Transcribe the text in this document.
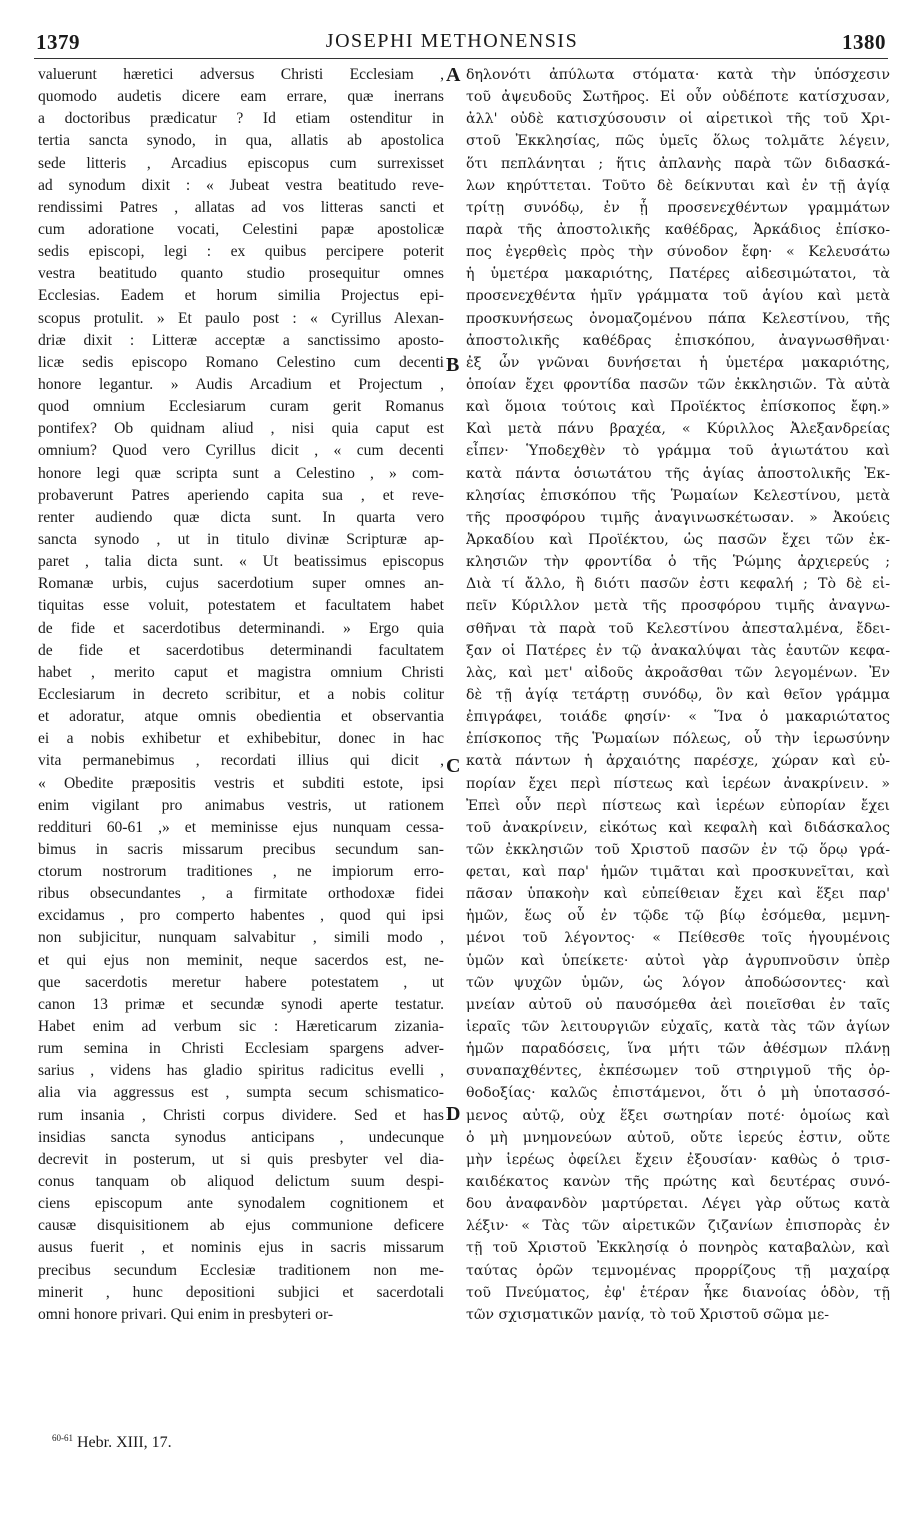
1379	JOSEPHI METHONENSIS	1380
valuerunt hæretici adversus Christi Ecclesiam ,
quomodo audetis dicere eam errare, quæ inerrans
a doctoribus prædicatur ? Id etiam ostenditur in
tertia sancta synodo, in qua, allatis ab apostolica
sede litteris , Arcadius episcopus cum surrexisset
ad synodum dixit : « Jubeat vestra beatitudo reve-
rendissimi Patres , allatas ad vos litteras sancti et
cum adoratione vocati, Celestini papæ apostolicæ
sedis episcopi, legi : ex quibus percipere poterit
vestra beatitudo quanto studio prosequitur omnes
Ecclesias. Eadem et horum similia Projectus epi-
scopus protulit. » Et paulo post : « Cyrillus Alexan-
driæ dixit : Litteræ acceptæ a sanctissimo aposto-
licæ sedis episcopo Romano Celestino cum decenti
honore legantur. » Audis Arcadium et Projectum ,
quod omnium Ecclesiarum curam gerit Romanus
pontifex? Ob quidnam aliud , nisi quia caput est
omnium? Quod vero Cyrillus dicit , « cum decenti
honore legi quæ scripta sunt a Celestino , » com-
probaverunt Patres aperiendo capita sua , et reve-
renter audiendo quæ dicta sunt. In quarta vero
sancta synodo , ut in titulo divinæ Scripturæ ap-
paret , talia dicta sunt. « Ut beatissimus episcopus
Romanæ urbis, cujus sacerdotium super omnes an-
tiquitas esse voluit, potestatem et facultatem habet
de fide et sacerdotibus determinandi. » Ergo quia
de fide et sacerdotibus determinandi facultatem
habet , merito caput et magistra omnium Christi
Ecclesiarum in decreto scribitur, et a nobis colitur
et adoratur, atque omnis obedientia et observantia
ei a nobis exhibetur et exhibebitur, donec in hac
vita permanebimus , recordati illius qui dicit ,
« Obedite præpositis vestris et subditi estote, ipsi
enim vigilant pro animabus vestris, ut rationem
reddituri 60-61 ,» et meminisse ejus nunquam cessa-
bimus in sacris missarum precibus secundum san-
ctorum nostrorum traditiones , ne impiorum erro-
ribus obsecundantes , a firmitate orthodoxæ fidei
excidamus , pro comperto habentes , quod qui ipsi
non subjicitur, nunquam salvabitur , simili modo ,
et qui ejus non meminit, neque sacerdos est, ne-
que sacerdotis meretur habere potestatem , ut
canon 13 primæ et secundæ synodi aperte testatur.
Habet enim ad verbum sic : Hæreticarum zizania-
rum semina in Christi Ecclesiam spargens adver-
sarius , videns has gladio spiritus radicitus evelli ,
alia via aggressus est , sumpta secum schismatico-
rum insania , Christi corpus dividere. Sed et has
insidias sancta synodus anticipans , undecunque
decrevit in posterum, ut si quis presbyter vel dia-
conus tanquam ob aliquod delictum suum despi-
ciens episcopum ante synodalem cognitionem et
causæ disquisitionem ab ejus communione deficere
ausus fuerit , et nominis ejus in sacris missarum
precibus secundum Ecclesiæ traditionem non me-
minerit , hunc depositioni subjici et sacerdotali
omni honore privari. Qui enim in presbyteri or-
δηλονότι ἀπύλωτα στόματα· κατὰ τὴν ὑπόσχεσιν
τοῦ ἀψευδοῦς Σωτῆρος. Εἰ οὖν οὐδέποτε κατίσχυσαν,
ἀλλ' οὐδὲ κατισχύσουσιν οἱ αἱρετικοὶ τῆς τοῦ Χρι-
στοῦ Ἐκκλησίας, πῶς ὑμεῖς ὅλως τολμᾶτε λέγειν,
ὅτι πεπλάνηται ; ἥτις ἀπλανὴς παρὰ τῶν διδασκά-
λων κηρύττεται. Τοῦτο δὲ δείκνυται καὶ ἐν τῇ ἁγίᾳ
τρίτῃ συνόδῳ, ἐν ᾗ προσενεχθέντων γραμμάτων
παρὰ τῆς ἀποστολικῆς καθέδρας, Ἀρκάδιος ἐπίσκο-
πος ἐγερθεὶς πρὸς τὴν σύνοδον ἔφη· « Κελευσάτω
ἡ ὑμετέρα μακαριότης, Πατέρες αἰδεσιμώτατοι, τὰ
προσενεχθέντα ἡμῖν γράμματα τοῦ ἁγίου καὶ μετὰ
προσκυνήσεως ὀνομαζομένου πάπα Κελεστίνου, τῆς
ἀποστολικῆς καθέδρας ἐπισκόπου, ἀναγνωσθῆναι·
ἐξ ὧν γνῶναι δυνήσεται ἡ ὑμετέρα μακαριότης,
ὁποίαν ἔχει φροντίδα πασῶν τῶν ἐκκλησιῶν. Τὰ αὐτὰ
καὶ ὅμοια τούτοις καὶ Προϊέκτος ἐπίσκοπος ἔφη.»
Καὶ μετὰ πάνυ βραχέα, « Κύριλλος Ἀλεξανδρείας
εἶπεν· Ὑποδεχθὲν τὸ γράμμα τοῦ ἁγιωτάτου καὶ
κατὰ πάντα ὁσιωτάτου τῆς ἁγίας ἀποστολικῆς Ἐκ-
κλησίας ἐπισκόπου τῆς Ῥωμαίων Κελεστίνου, μετὰ
τῆς προσφόρου τιμῆς ἀναγινωσκέτωσαν. » Ἀκούεις
Ἀρκαδίου καὶ Προϊέκτου, ὡς πασῶν ἔχει τῶν ἐκ-
κλησιῶν τὴν φροντίδα ὁ τῆς Ῥώμης ἀρχιερεύς ;
Διὰ τί ἄλλο, ἢ διότι πασῶν ἐστι κεφαλή ; Τὸ δὲ εἰ-
πεῖν Κύριλλον μετὰ τῆς προσφόρου τιμῆς ἀναγνω-
σθῆναι τὰ παρὰ τοῦ Κελεστίνου ἀπεσταλμένα, ἔδει-
ξαν οἱ Πατέρες ἐν τῷ ἀνακαλύψαι τὰς ἑαυτῶν κεφα-
λὰς, καὶ μετ' αἰδοῦς ἀκροᾶσθαι τῶν λεγομένων. Ἐν
δὲ τῇ ἁγίᾳ τετάρτῃ συνόδῳ, ὃν καὶ θεῖον γράμμα
ἐπιγράφει, τοιάδε φησίν· « Ἵνα ὁ μακαριώτατος
ἐπίσκοπος τῆς Ῥωμαίων πόλεως, οὗ τὴν ἱερωσύνην
κατὰ πάντων ἡ ἀρχαιότης παρέσχε, χώραν καὶ εὐ-
πορίαν ἔχει περὶ πίστεως καὶ ἱερέων ἀνακρίνειν. »
Ἐπεὶ οὖν περὶ πίστεως καὶ ἱερέων εὐπορίαν ἔχει
τοῦ ἀνακρίνειν, εἰκότως καὶ κεφαλὴ καὶ διδάσκαλος
τῶν ἐκκλησιῶν τοῦ Χριστοῦ πασῶν ἐν τῷ ὅρῳ γρά-
φεται, καὶ παρ' ἡμῶν τιμᾶται καὶ προσκυνεῖται, καὶ
πᾶσαν ὑπακοὴν καὶ εὐπείθειαν ἔχει καὶ ἕξει παρ'
ἡμῶν, ἕως οὗ ἐν τῷδε τῷ βίῳ ἐσόμεθα, μεμνη-
μένοι τοῦ λέγοντος· « Πείθεσθε τοῖς ἡγουμένοις
ὑμῶν καὶ ὑπείκετε· αὐτοὶ γὰρ ἀγρυπνοῦσιν ὑπὲρ
τῶν ψυχῶν ὑμῶν, ὡς λόγον ἀποδώσοντες· καὶ
μνείαν αὐτοῦ οὐ παυσόμεθα ἀεὶ ποιεῖσθαι ἐν ταῖς
ἱεραῖς τῶν λειτουργιῶν εὐχαῖς, κατὰ τὰς τῶν ἁγίων
ἡμῶν παραδόσεις, ἵνα μήτι τῶν ἀθέσμων πλάνῃ
συναπαχθέντες, ἐκπέσωμεν τοῦ στηριγμοῦ τῆς ὀρ-
θοδοξίας· καλῶς ἐπιστάμενοι, ὅτι ὁ μὴ ὑποτασσό-
μενος αὐτῷ, οὐχ ἕξει σωτηρίαν ποτέ· ὁμοίως καὶ
ὁ μὴ μνημονεύων αὐτοῦ, οὔτε ἱερεύς ἐστιν, οὔτε
μὴν ἱερέως ὀφείλει ἔχειν ἐξουσίαν· καθὼς ὁ τρισ-
καιδέκατος κανὼν τῆς πρώτης καὶ δευτέρας συνό-
δου ἀναφανδὸν μαρτύρεται. Λέγει γὰρ οὕτως κατὰ
λέξιν· « Τὰς τῶν αἱρετικῶν ζιζανίων ἐπισπορὰς ἐν
τῇ τοῦ Χριστοῦ Ἐκκλησίᾳ ὁ πονηρὸς καταβαλὼν, καὶ
ταύτας ὁρῶν τεμνομένας προρρίζους τῇ μαχαίρᾳ
τοῦ Πνεύματος, ἐφ' ἑτέραν ἧκε διανοίας ὁδὸν, τῇ
τῶν σχισματικῶν μανίᾳ, τὸ τοῦ Χριστοῦ σῶμα με-
A
B
C
D
$^{60-61}$ Hebr. XIII, 17.
